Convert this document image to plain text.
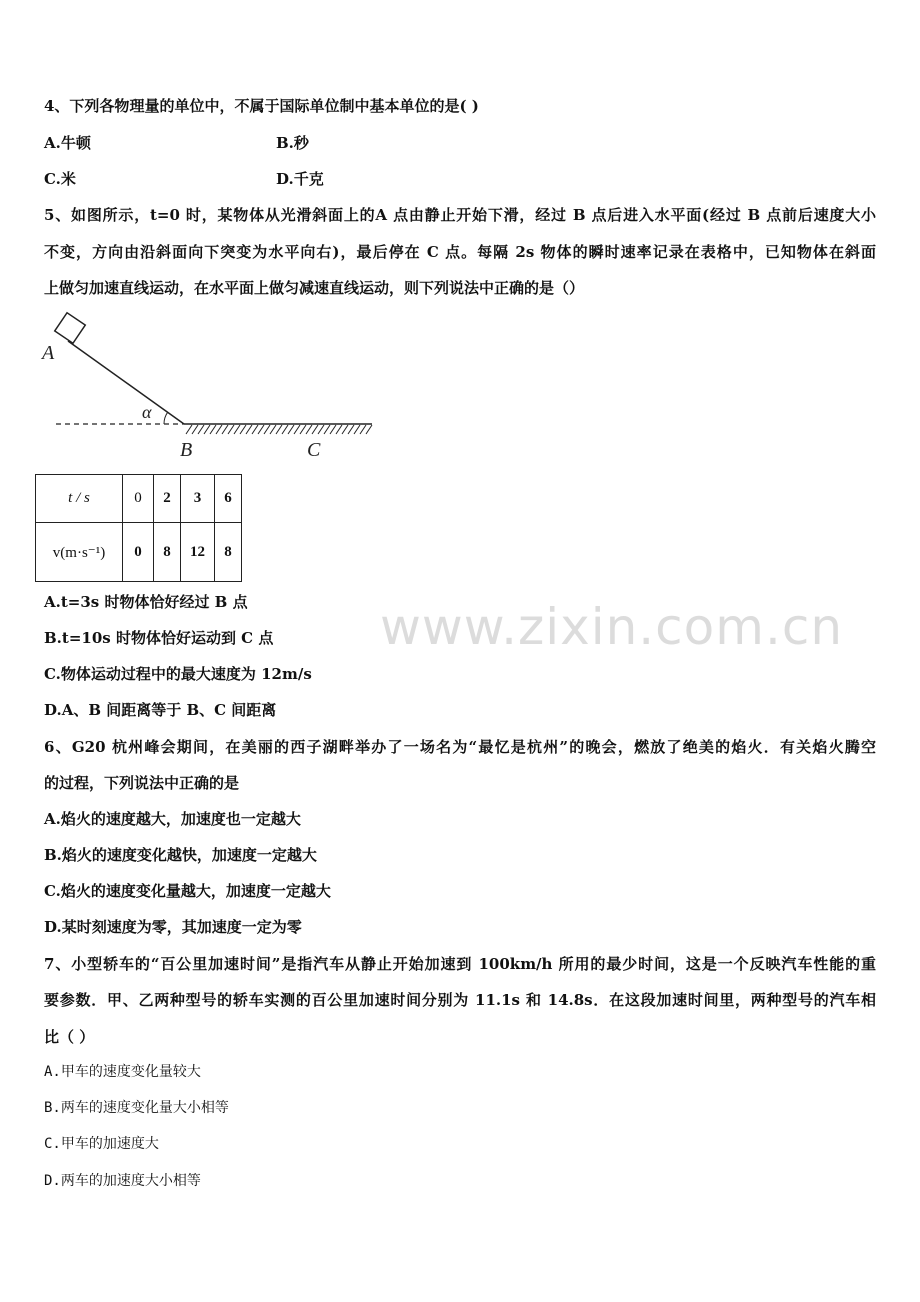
www.zixin.com.cn
4、下列各物理量的单位中，不属于国际单位制中基本单位的是( )
A.牛顿	B.秒
C.米	D.千克
5、如图所示，t=0 时，某物体从光滑斜面上的A 点由静止开始下滑，经过 B 点后进入水平面(经过 B 点前后速度大小
不变，方向由沿斜面向下突变为水平向右)，最后停在 C 点。每隔 2s 物体的瞬时速率记录在表格中，已知物体在斜面
上做匀加速直线运动，在水平面上做匀减速直线运动，则下列说法中正确的是（）
α
A
B	C
t / s	0	2	3	6
v(m·s⁻¹)	0	8	12	8
A.t=3s 时物体恰好经过 B 点
B.t=10s 时物体恰好运动到 C 点
C.物体运动过程中的最大速度为 12m/s
D.A、B 间距离等于 B、C 间距离
6、G20 杭州峰会期间，在美丽的西子湖畔举办了一场名为“最忆是杭州”的晚会，燃放了绝美的焰火．有关焰火腾空
的过程，下列说法中正确的是
A.焰火的速度越大，加速度也一定越大
B.焰火的速度变化越快，加速度一定越大
C.焰火的速度变化量越大，加速度一定越大
D.某时刻速度为零，其加速度一定为零
7、小型轿车的“百公里加速时间”是指汽车从静止开始加速到 100km/h 所用的最少时间，这是一个反映汽车性能的重
要参数．甲、乙两种型号的轿车实测的百公里加速时间分别为 11.1s 和 14.8s．在这段加速时间里，两种型号的汽车相
比（ ）
A.甲车的速度变化量较大
B.两车的速度变化量大小相等
C.甲车的加速度大
D.两车的加速度大小相等
